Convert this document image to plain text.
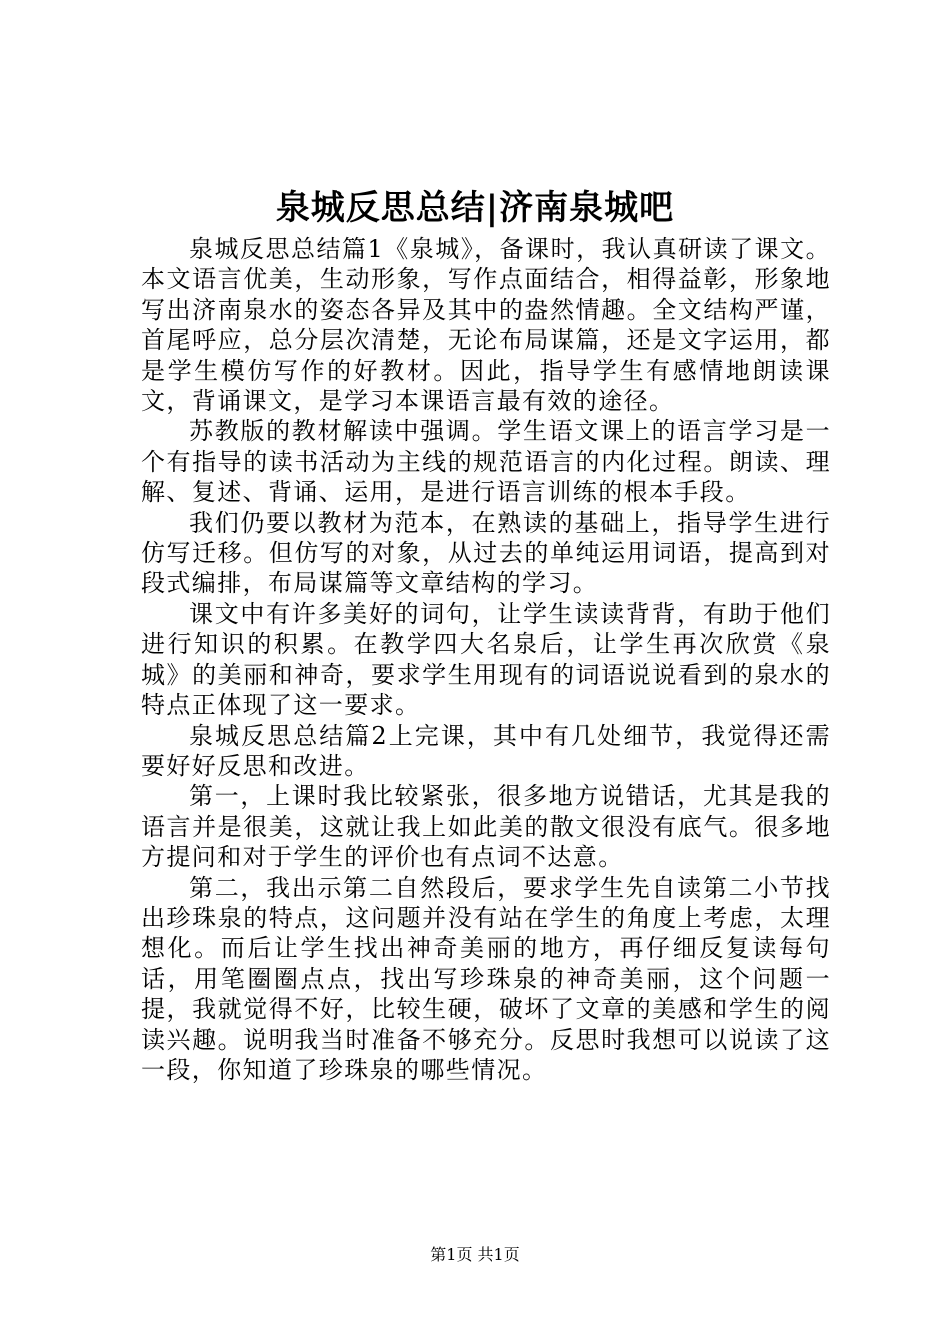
泉城反思总结|济南泉城吧

泉城反思总结篇1《泉城》，备课时，我认真研读了课文。本文语言优美，生动形象，写作点面结合，相得益彰，形象地写出济南泉水的姿态各异及其中的盎然情趣。全文结构严谨，首尾呼应，总分层次清楚，无论布局谋篇，还是文字运用，都是学生模仿写作的好教材。因此，指导学生有感情地朗读课文，背诵课文，是学习本课语言最有效的途径。

苏教版的教材解读中强调。学生语文课上的语言学习是一个有指导的读书活动为主线的规范语言的内化过程。朗读、理解、复述、背诵、运用，是进行语言训练的根本手段。

我们仍要以教材为范本，在熟读的基础上，指导学生进行仿写迁移。但仿写的对象，从过去的单纯运用词语，提高到对段式编排，布局谋篇等文章结构的学习。

课文中有许多美好的词句，让学生读读背背，有助于他们进行知识的积累。在教学四大名泉后，让学生再次欣赏《泉城》的美丽和神奇，要求学生用现有的词语说说看到的泉水的特点正体现了这一要求。

泉城反思总结篇2上完课，其中有几处细节，我觉得还需要好好反思和改进。

第一，上课时我比较紧张，很多地方说错话，尤其是我的语言并是很美，这就让我上如此美的散文很没有底气。很多地方提问和对于学生的评价也有点词不达意。

第二，我出示第二自然段后，要求学生先自读第二小节找出珍珠泉的特点，这问题并没有站在学生的角度上考虑，太理想化。而后让学生找出神奇美丽的地方，再仔细反复读每句话，用笔圈圈点点，找出写珍珠泉的神奇美丽，这个问题一提，我就觉得不好，比较生硬，破坏了文章的美感和学生的阅读兴趣。说明我当时准备不够充分。反思时我想可以说读了这一段，你知道了珍珠泉的哪些情况。

第1页 共1页
